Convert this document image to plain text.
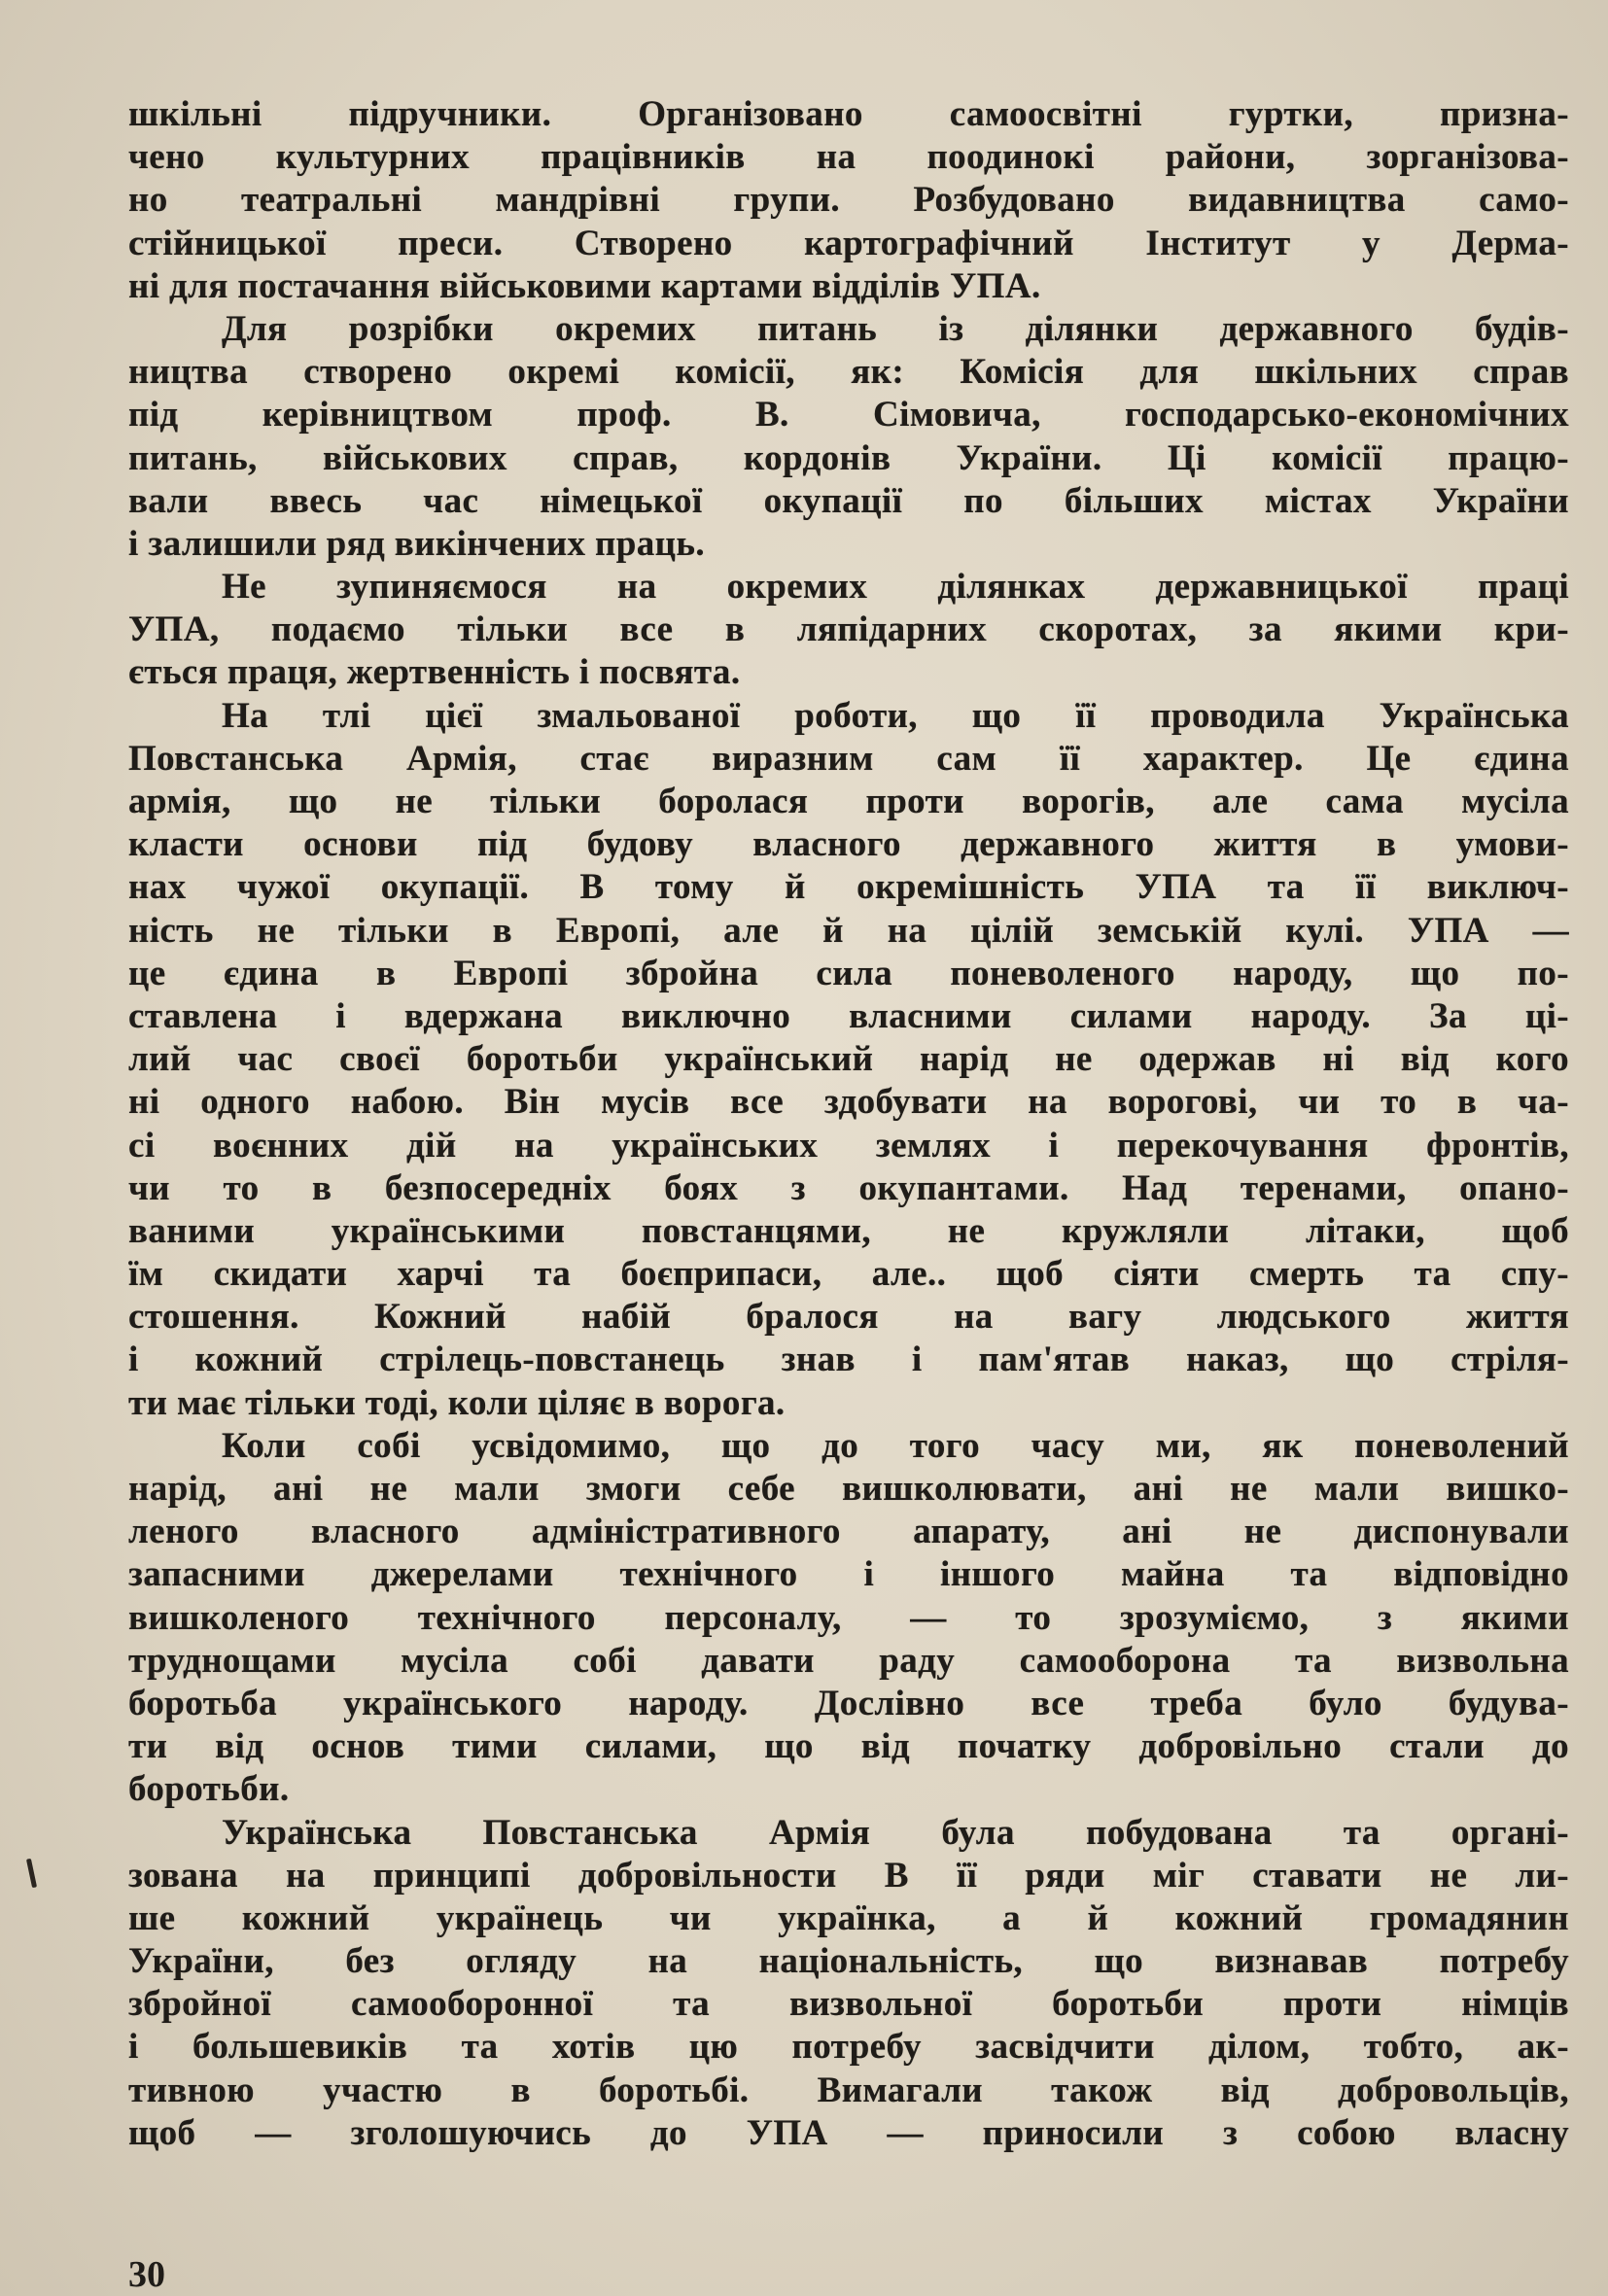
шкільні підручники. Організовано самоосвітні гуртки, призна-
чено культурних працівників на поодинокі райони, зорганізова-
но театральні мандрівні групи. Розбудовано видавництва само-
стійницької преси. Створено картографічний Інститут у Дерма-
ні для постачання військовими картами відділів УПА.
Для розрібки окремих питань із ділянки державного будів-
ництва створено окремі комісії, як: Комісія для шкільних справ
під керівництвом проф. В. Сімовича, господарсько-економічних
питань, військових справ, кордонів України. Ці комісії працю-
вали ввесь час німецької окупації по більших містах України
і залишили ряд викінчених праць.
Не зупиняємося на окремих ділянках державницької праці
УПА, подаємо тільки все в ляпідарних скоротах, за якими кри-
ється праця, жертвенність і посвята.
На тлі цієї змальованої роботи, що її проводила Українська
Повстанська Армія, стає виразним сам її характер. Це єдина
армія, що не тільки боролася проти ворогів, але сама мусіла
класти основи під будову власного державного життя в умови-
нах чужої окупації. В тому й окремішність УПА та її виключ-
ність не тільки в Европі, але й на цілій земській кулі. УПА —
це єдина в Европі збройна сила поневоленого народу, що по-
ставлена і вдержана виключно власними силами народу. За ці-
лий час своєї боротьби український нарід не одержав ні від кого
ні одного набою. Він мусів все здобувати на ворогові, чи то в ча-
сі воєнних дій на українських землях і перекочування фронтів,
чи то в безпосередніх боях з окупантами. Над теренами, опано-
ваними українськими повстанцями, не кружляли літаки, щоб
їм скидати харчі та боєприпаси, але.. щоб сіяти смерть та спу-
стошення. Кожний набій бралося на вагу людського життя
і кожний стрілець-повстанець знав і пам'ятав наказ, що стріля-
ти має тільки тоді, коли ціляє в ворога.
Коли собі усвідомимо, що до того часу ми, як поневолений
нарід, ані не мали змоги себе вишколювати, ані не мали вишко-
леного власного адміністративного апарату, ані не диспонували
запасними джерелами технічного і іншого майна та відповідно
вишколеного технічного персоналу, — то зрозуміємо, з якими
труднощами мусіла собі давати раду самооборона та визвольна
боротьба українського народу. Дослівно все треба було будува-
ти від основ тими силами, що від початку добровільно стали до
боротьби.
Українська Повстанська Армія була побудована та органі-
зована на принципі добровільности В її ряди міг ставати не ли-
ше кожний українець чи українка, а й кожний громадянин
України, без огляду на національність, що визнавав потребу
збройної самооборонної та визвольної боротьби проти німців
і большевиків та хотів цю потребу засвідчити ділом, тобто, ак-
тивною участю в боротьбі. Вимагали також від добровольців,
щоб — зголошуючись до УПА — приносили з собою власну
30
